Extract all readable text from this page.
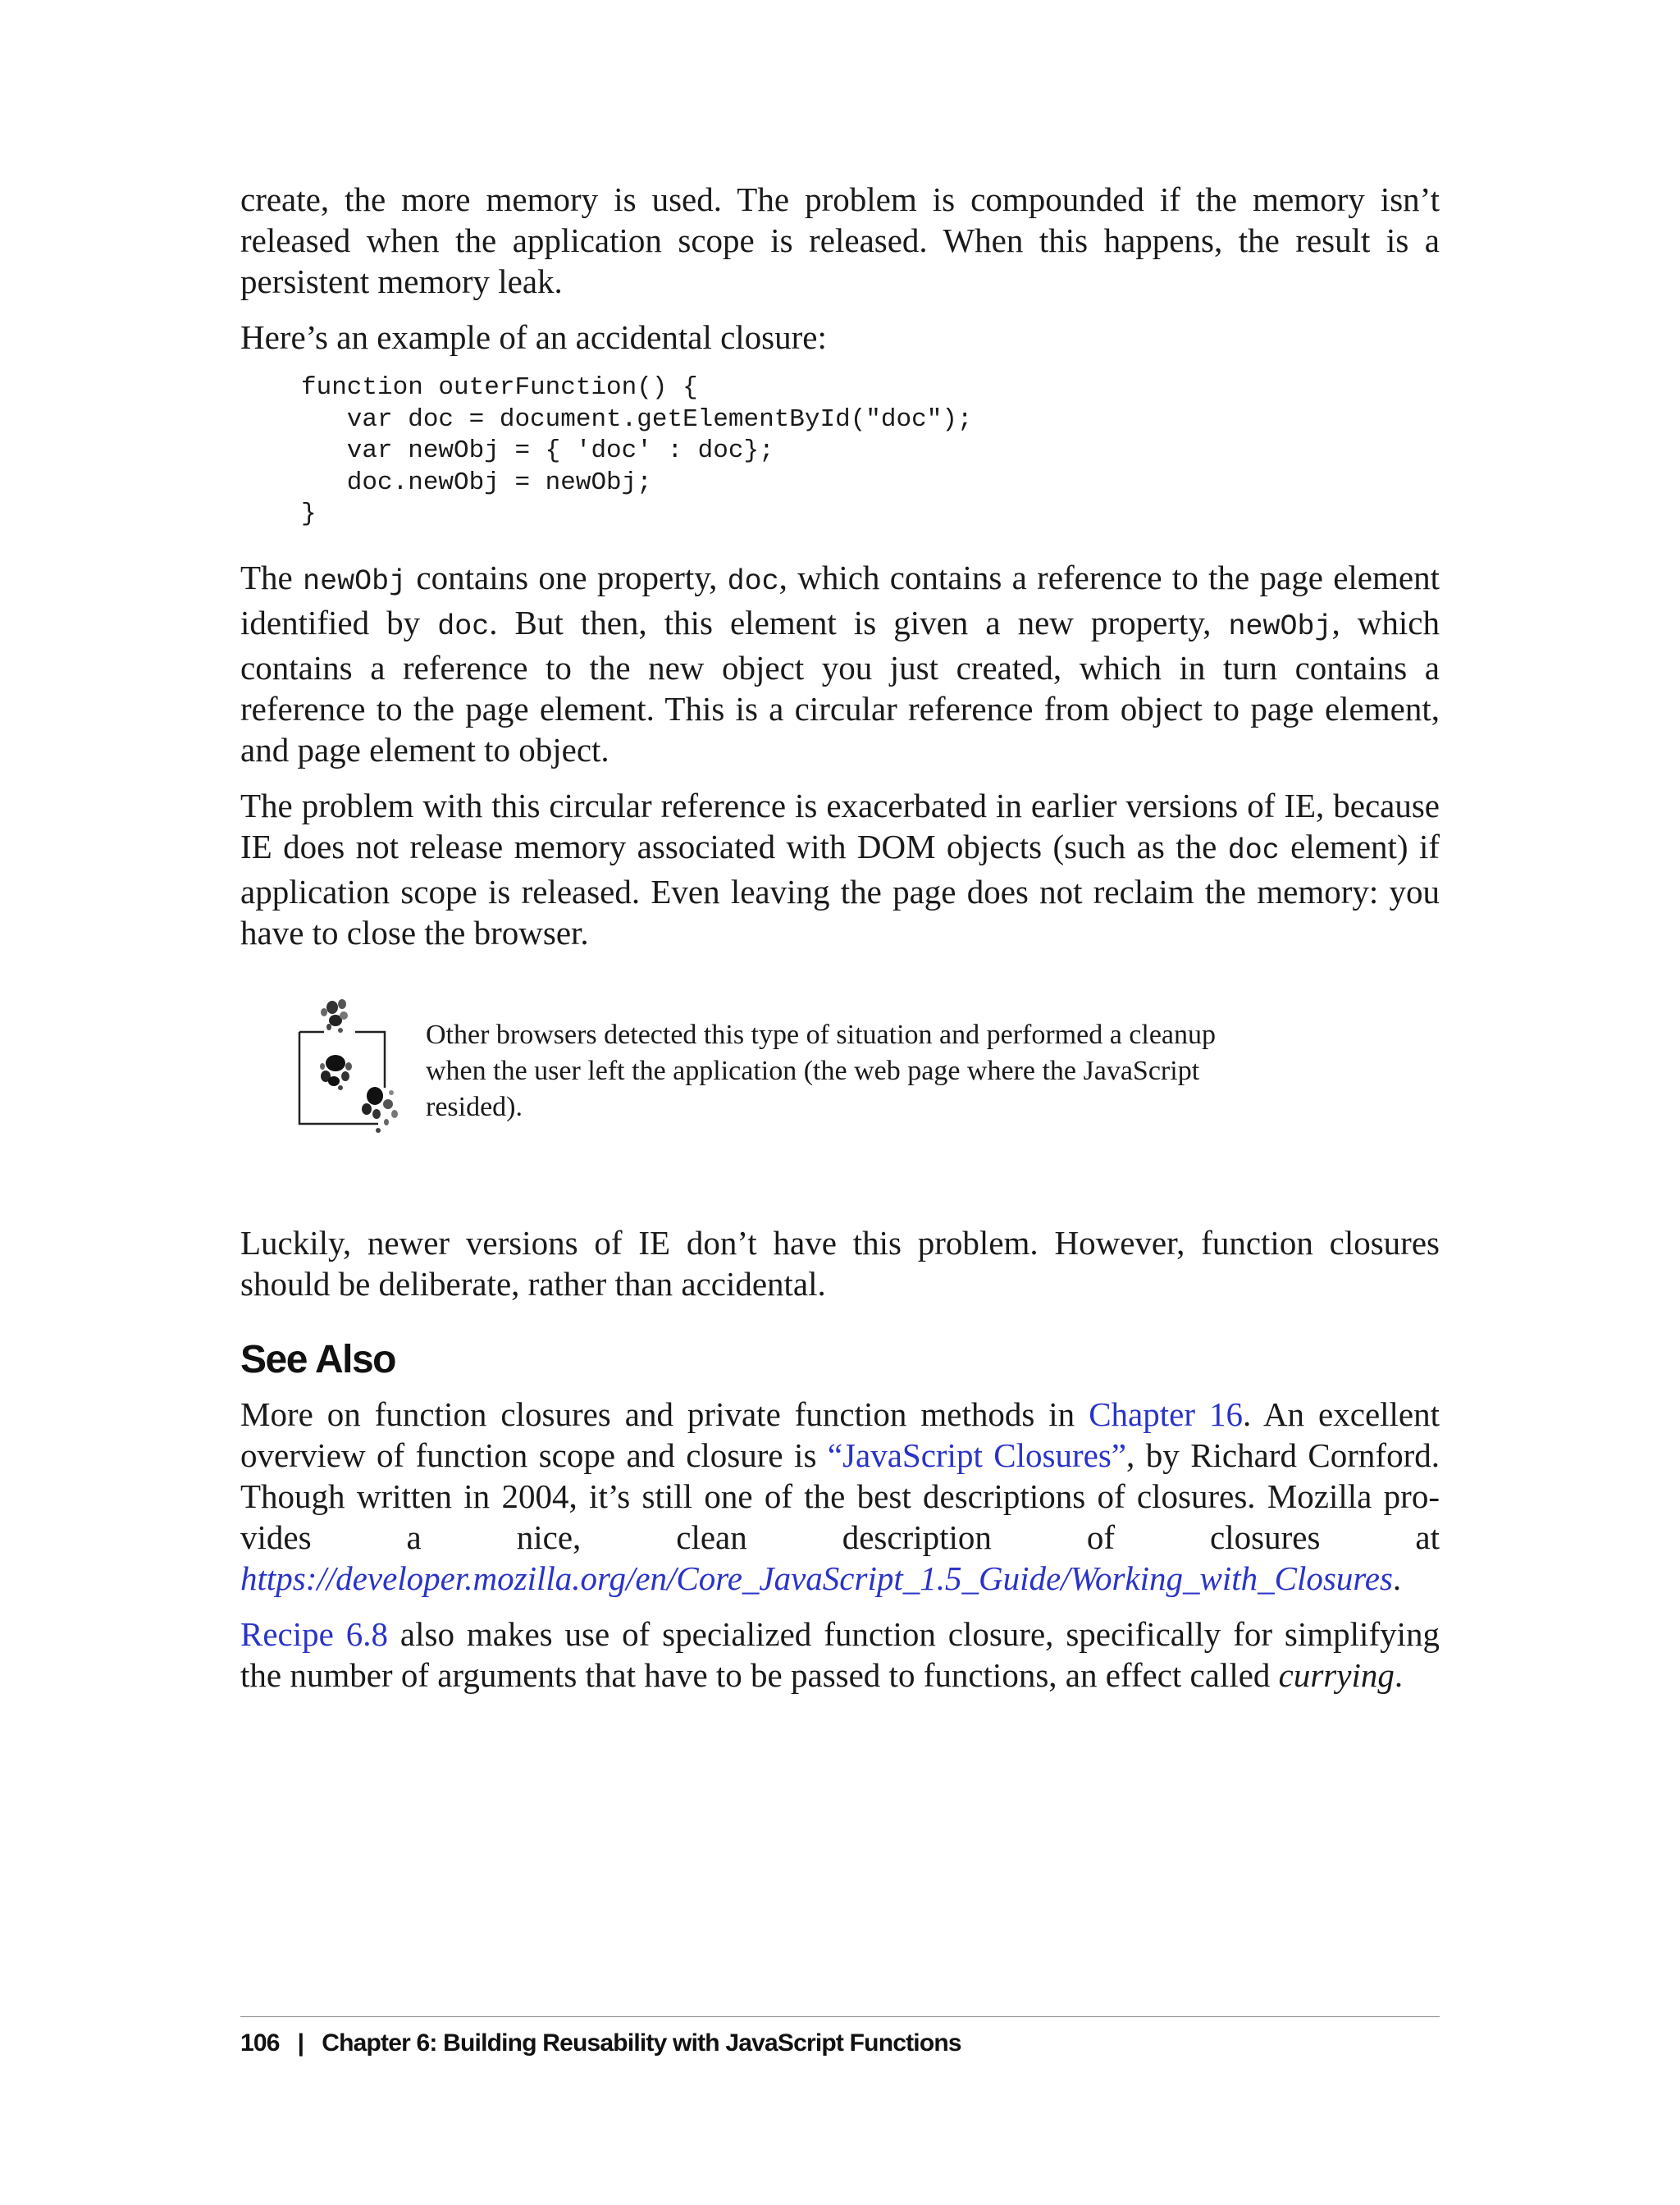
create, the more memory is used. The problem is compounded if the memory isn’t released when the application scope is released. When this happens, the result is a persistent memory leak.

Here’s an example of an accidental closure:

function outerFunction() {
var doc = document.getElementById("doc");
var newObj = { 'doc' : doc};
doc.newObj = newObj;
}

The newObj contains one property, doc, which contains a reference to the page element identified by doc. But then, this element is given a new property, newObj, which contains a reference to the new object you just created, which in turn contains a reference to the page element. This is a circular reference from object to page element, and page element to object.

The problem with this circular reference is exacerbated in earlier versions of IE, because IE does not release memory associated with DOM objects (such as the doc element) if application scope is released. Even leaving the page does not reclaim the memory: you have to close the browser.

Other browsers detected this type of situation and performed a cleanup when the user left the application (the web page where the JavaScript resided).

Luckily, newer versions of IE don’t have this problem. However, function closures should be deliberate, rather than accidental.

See Also

More on function closures and private function methods in Chapter 16. An excellent overview of function scope and closure is “JavaScript Closures”, by Richard Cornford. Though written in 2004, it’s still one of the best descriptions of closures. Mozilla provides a nice, clean description of closures at https://developer.mozilla.org/en/Core_JavaScript_1.5_Guide/Working_with_Closures.

Recipe 6.8 also makes use of specialized function closure, specifically for simplifying the number of arguments that have to be passed to functions, an effect called currying.

106 | Chapter 6: Building Reusability with JavaScript Functions
